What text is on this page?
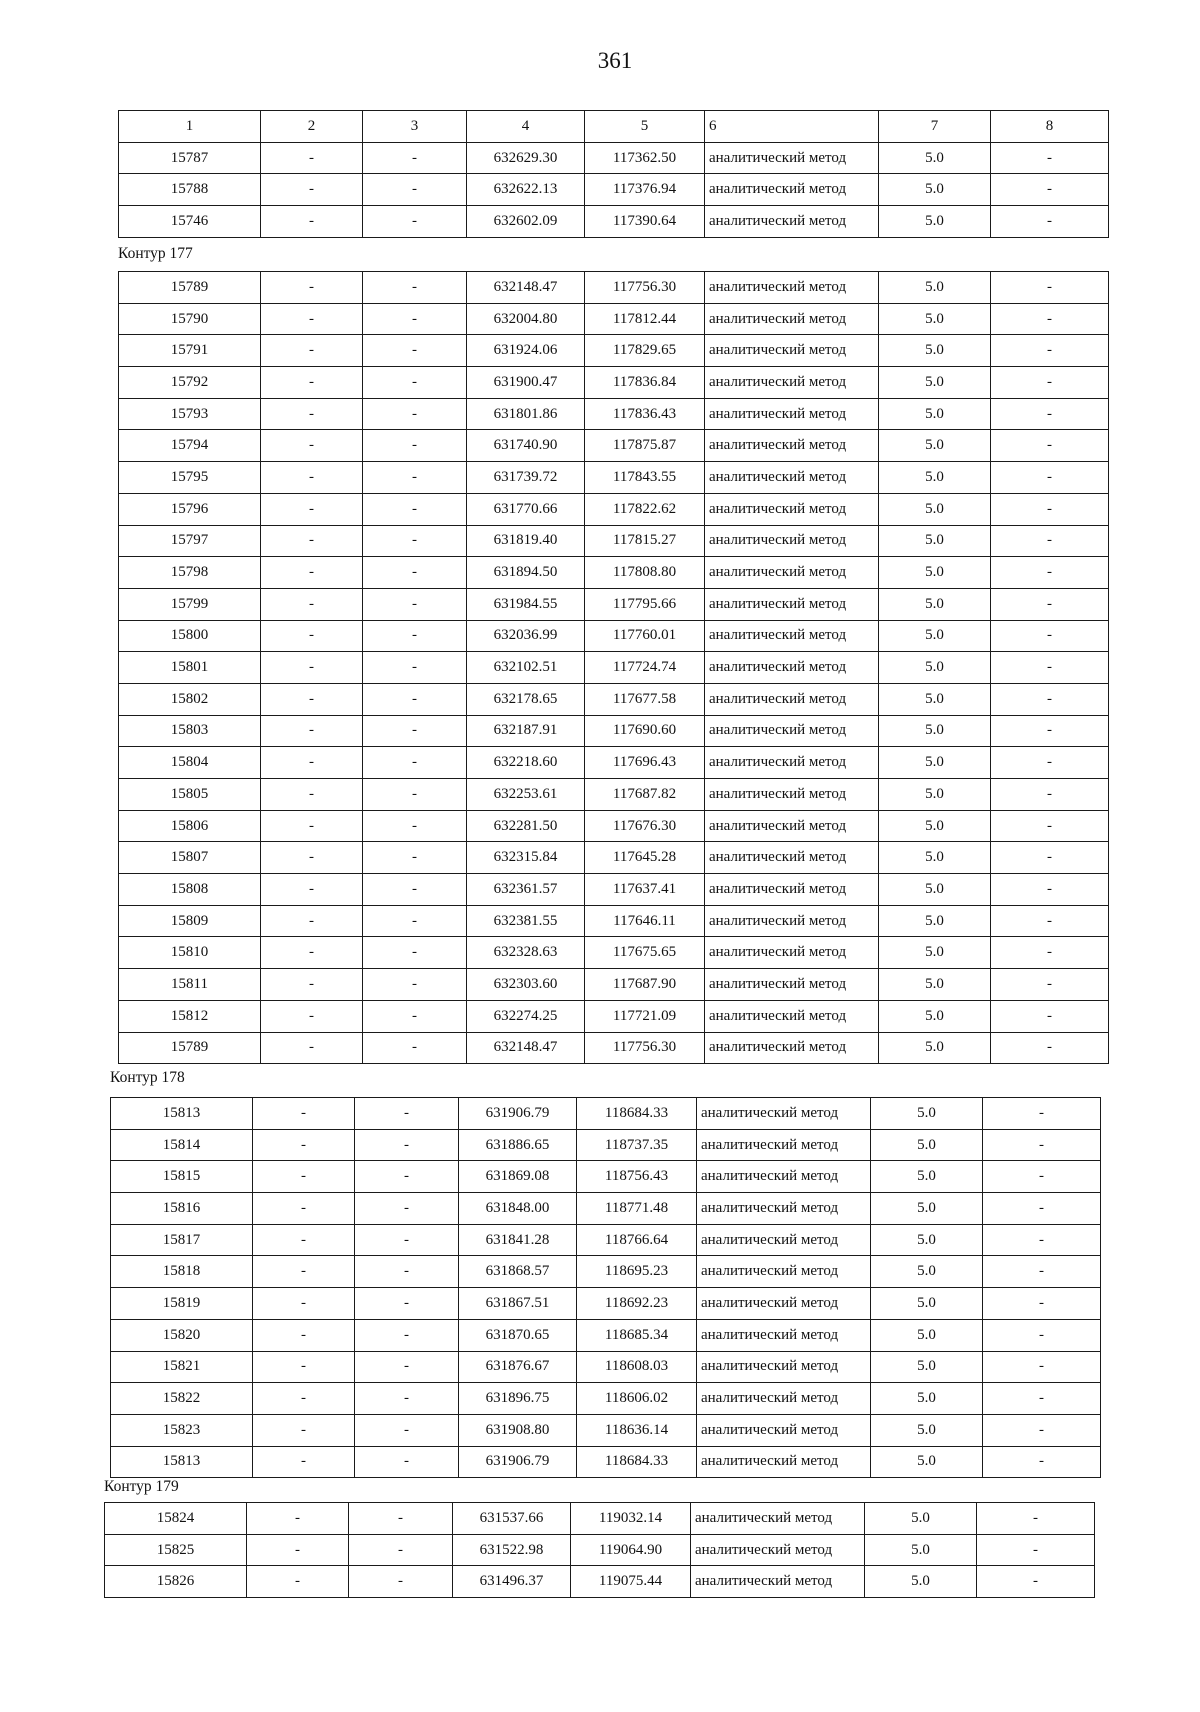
361
1	2	3	4	5	6	7	8
15787	-	-	632629.30	117362.50	аналитический метод	5.0	-
15788	-	-	632622.13	117376.94	аналитический метод	5.0	-
15746	-	-	632602.09	117390.64	аналитический метод	5.0	-
Контур 177
15789	-	-	632148.47	117756.30	аналитический метод	5.0	-
15790	-	-	632004.80	117812.44	аналитический метод	5.0	-
15791	-	-	631924.06	117829.65	аналитический метод	5.0	-
15792	-	-	631900.47	117836.84	аналитический метод	5.0	-
15793	-	-	631801.86	117836.43	аналитический метод	5.0	-
15794	-	-	631740.90	117875.87	аналитический метод	5.0	-
15795	-	-	631739.72	117843.55	аналитический метод	5.0	-
15796	-	-	631770.66	117822.62	аналитический метод	5.0	-
15797	-	-	631819.40	117815.27	аналитический метод	5.0	-
15798	-	-	631894.50	117808.80	аналитический метод	5.0	-
15799	-	-	631984.55	117795.66	аналитический метод	5.0	-
15800	-	-	632036.99	117760.01	аналитический метод	5.0	-
15801	-	-	632102.51	117724.74	аналитический метод	5.0	-
15802	-	-	632178.65	117677.58	аналитический метод	5.0	-
15803	-	-	632187.91	117690.60	аналитический метод	5.0	-
15804	-	-	632218.60	117696.43	аналитический метод	5.0	-
15805	-	-	632253.61	117687.82	аналитический метод	5.0	-
15806	-	-	632281.50	117676.30	аналитический метод	5.0	-
15807	-	-	632315.84	117645.28	аналитический метод	5.0	-
15808	-	-	632361.57	117637.41	аналитический метод	5.0	-
15809	-	-	632381.55	117646.11	аналитический метод	5.0	-
15810	-	-	632328.63	117675.65	аналитический метод	5.0	-
15811	-	-	632303.60	117687.90	аналитический метод	5.0	-
15812	-	-	632274.25	117721.09	аналитический метод	5.0	-
15789	-	-	632148.47	117756.30	аналитический метод	5.0	-
Контур 178
15813	-	-	631906.79	118684.33	аналитический метод	5.0	-
15814	-	-	631886.65	118737.35	аналитический метод	5.0	-
15815	-	-	631869.08	118756.43	аналитический метод	5.0	-
15816	-	-	631848.00	118771.48	аналитический метод	5.0	-
15817	-	-	631841.28	118766.64	аналитический метод	5.0	-
15818	-	-	631868.57	118695.23	аналитический метод	5.0	-
15819	-	-	631867.51	118692.23	аналитический метод	5.0	-
15820	-	-	631870.65	118685.34	аналитический метод	5.0	-
15821	-	-	631876.67	118608.03	аналитический метод	5.0	-
15822	-	-	631896.75	118606.02	аналитический метод	5.0	-
15823	-	-	631908.80	118636.14	аналитический метод	5.0	-
15813	-	-	631906.79	118684.33	аналитический метод	5.0	-
Контур 179
15824	-	-	631537.66	119032.14	аналитический метод	5.0	-
15825	-	-	631522.98	119064.90	аналитический метод	5.0	-
15826	-	-	631496.37	119075.44	аналитический метод	5.0	-
